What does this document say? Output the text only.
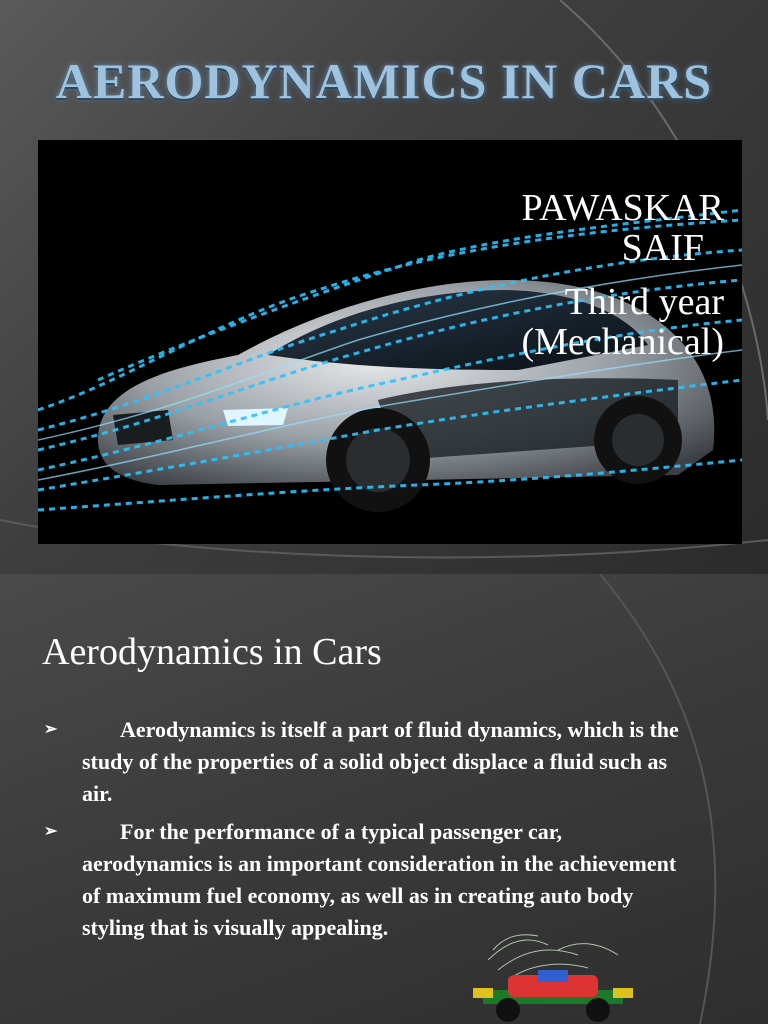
AERODYNAMICS IN CARS
PAWASKAR
SAIF
Third year
(Mechanical)
Aerodynamics in Cars
➢	Aerodynamics is itself a part of fluid dynamics, which is the study of the properties of a solid object displace a fluid such as air.
➢	For the performance of a typical passenger car, aerodynamics is an important consideration in the achievement of maximum fuel economy, as well as in creating auto body styling that is visually appealing.
